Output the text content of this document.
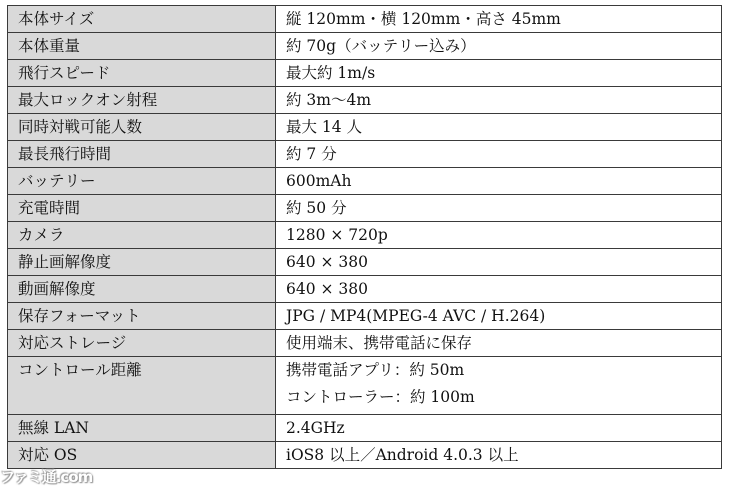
本体サイズ	縦 120mm・横 120mm・高さ 45mm
本体重量	約 70g（バッテリー込み）
飛行スピード	最大約 1m/s
最大ロックオン射程	約 3m～4m
同時対戦可能人数	最大 14 人
最長飛行時間	約 7 分
バッテリー	600mAh
充電時間	約 50 分
カメラ	1280 × 720p
静止画解像度	640 × 380
動画解像度	640 × 380
保存フォーマット	JPG / MP4(MPEG-4 AVC / H.264)
対応ストレージ	使用端末、携帯電話に保存
コントロール距離	携帯電話アプリ：約 50m
コントローラー：約 100m

無線 LAN	2.4GHz
対応 OS	iOS8 以上／Android 4.0.3 以上
ファミ通.com
